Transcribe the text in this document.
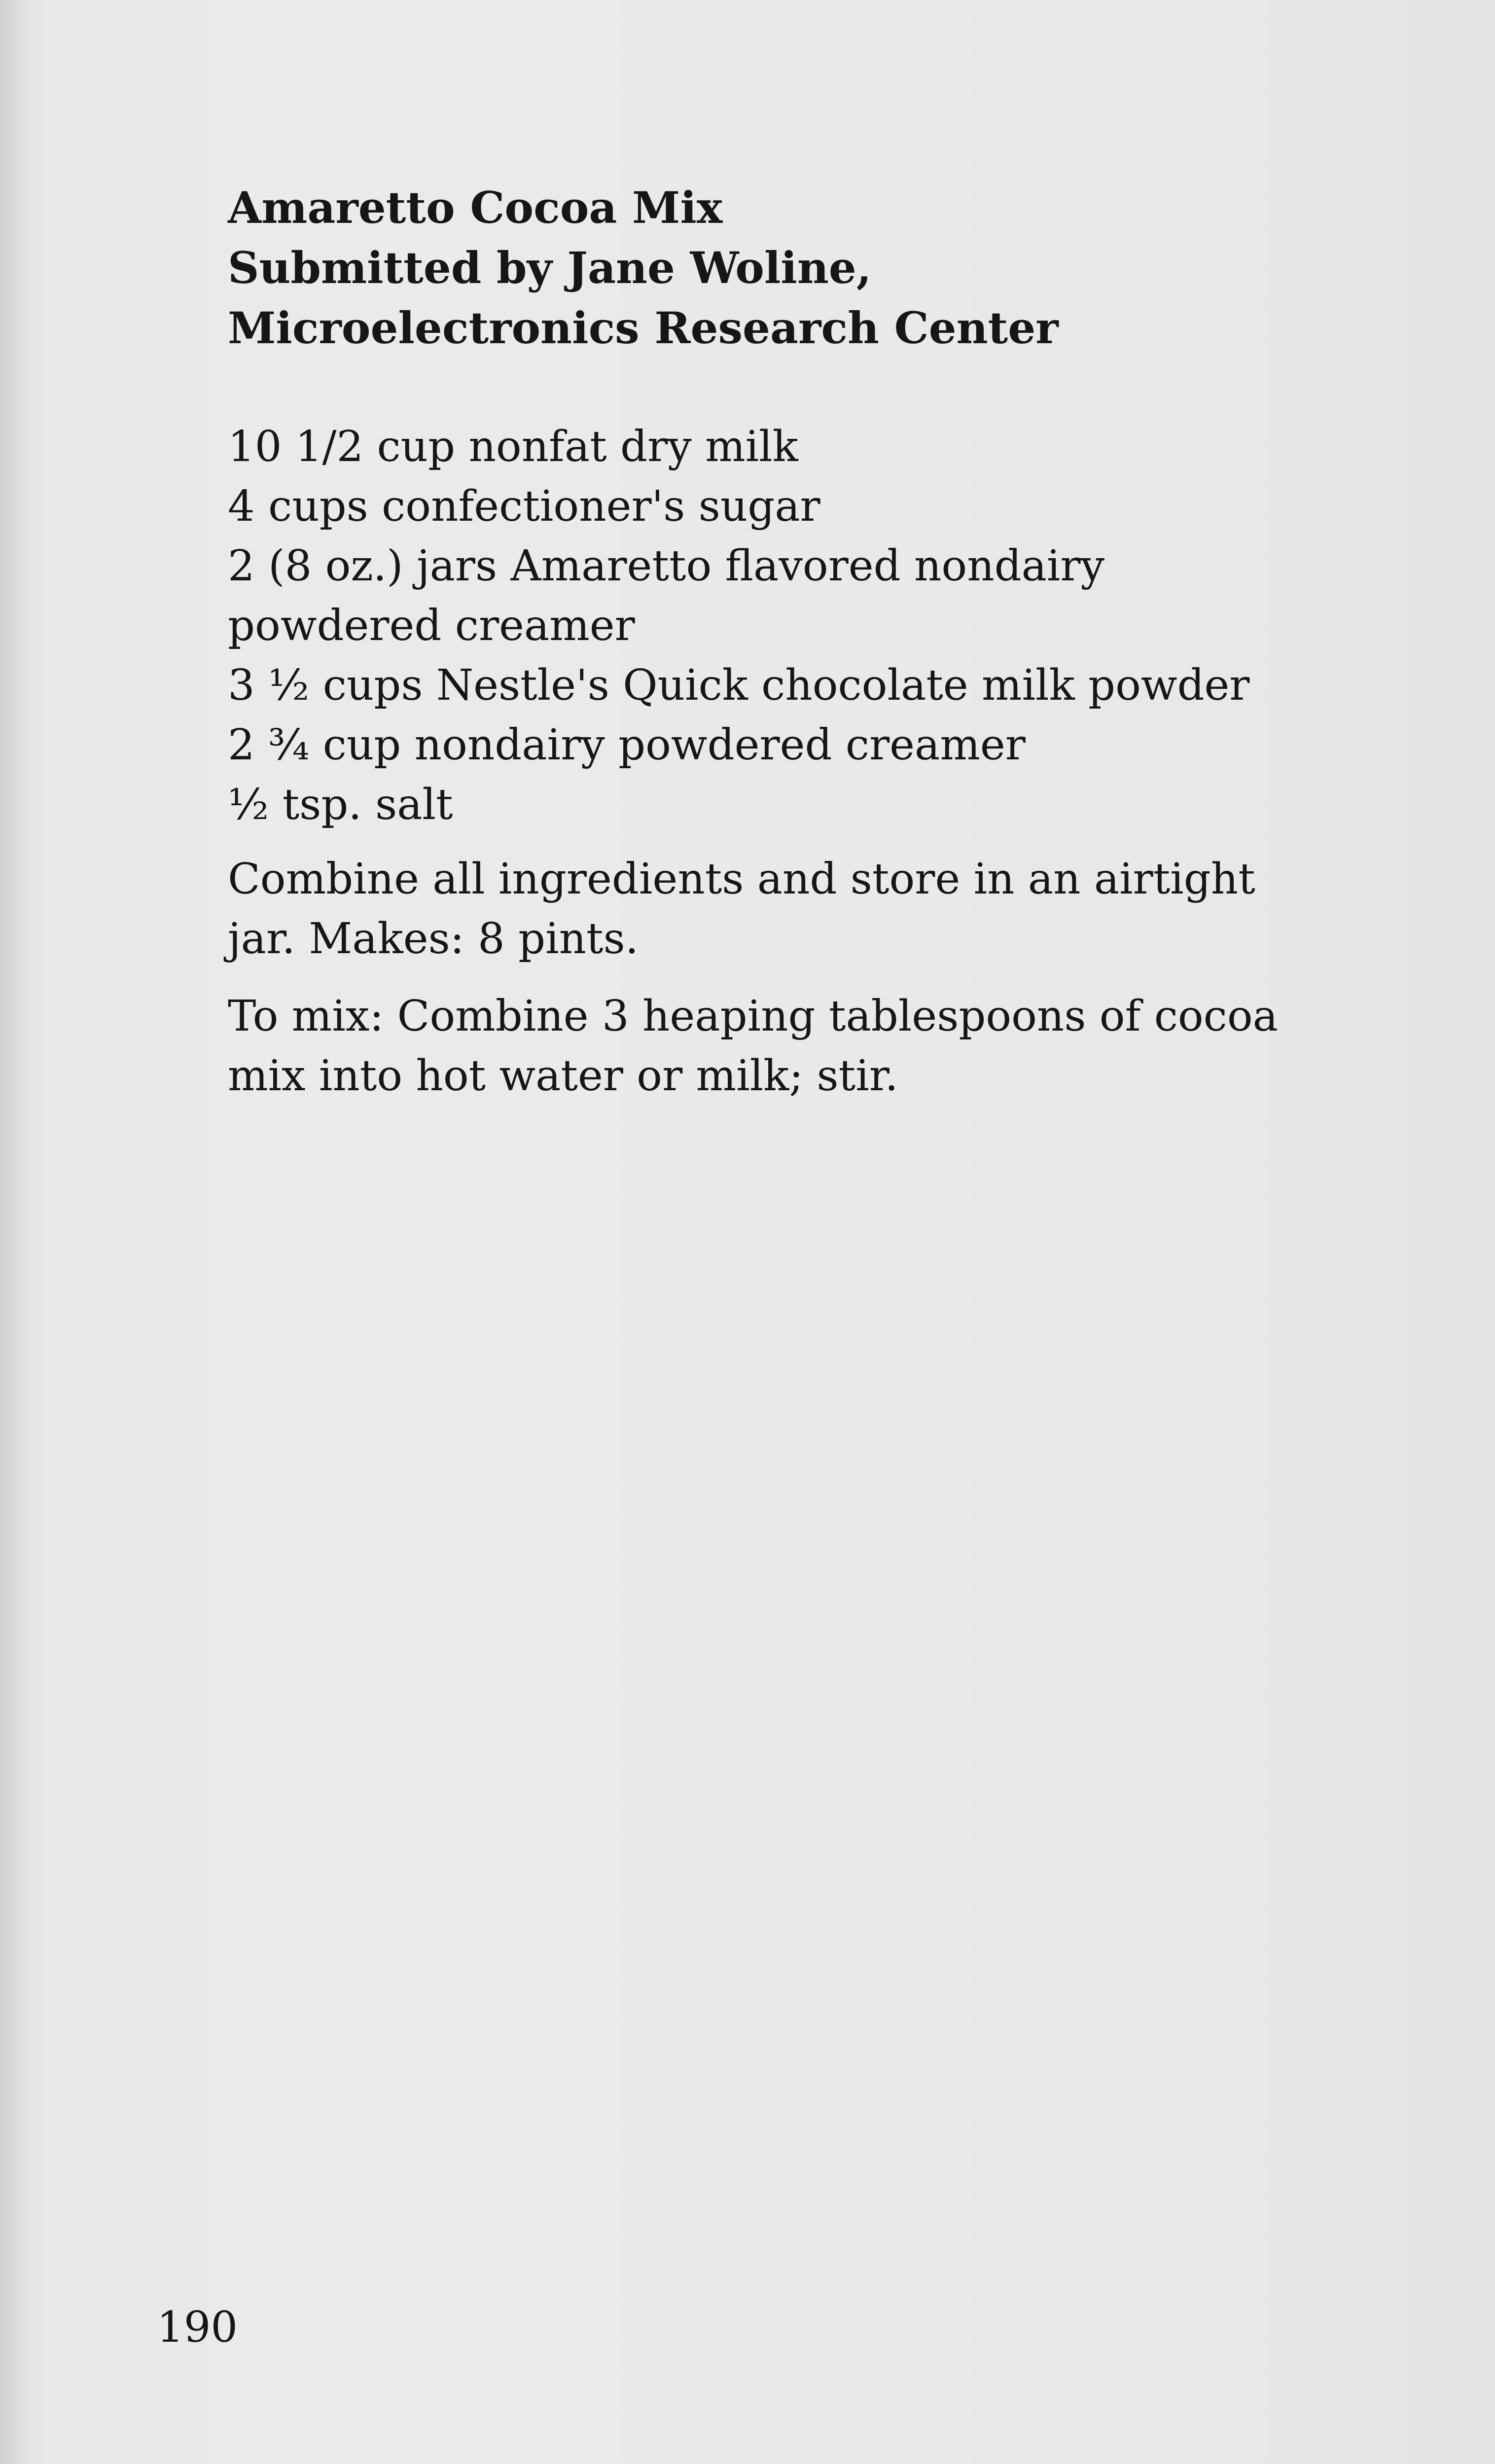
Amaretto Cocoa Mix

Submitted by Jane Woline,

Microelectronics Research Center

10 1/2 cup nonfat dry milk
4 cups confectioner's sugar
2 (8 oz.) jars Amaretto flavored nondairy
powdered creamer
3 ½ cups Nestle's Quick chocolate milk powder
2 ¾ cup nondairy powdered creamer
½ tsp. salt
Combine all ingredients and store in an airtight
jar. Makes: 8 pints.
To mix: Combine 3 heaping tablespoons of cocoa
mix into hot water or milk; stir.
190
